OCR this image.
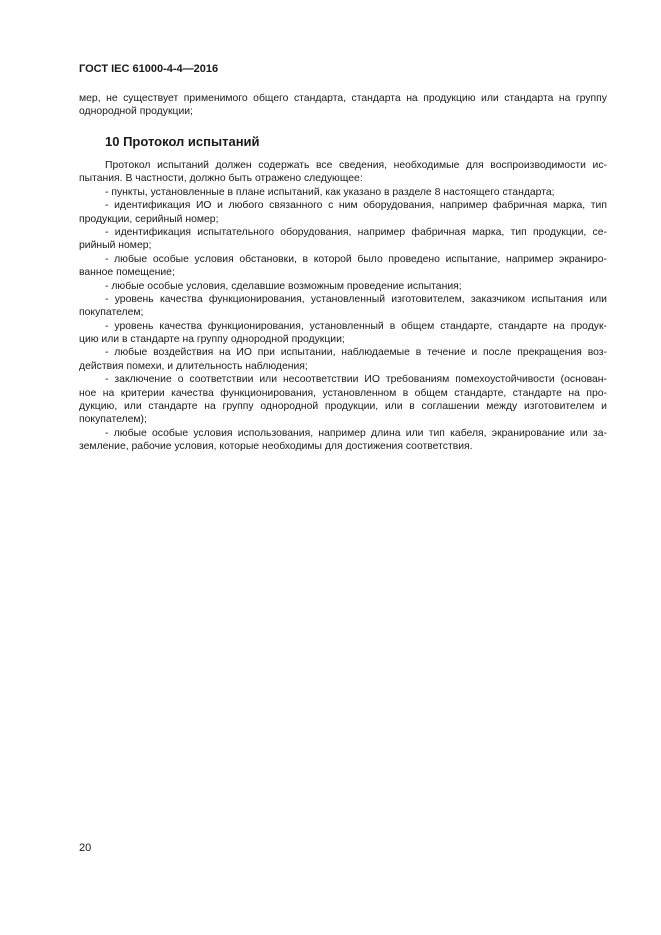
ГОСТ IEC 61000-4-4—2016
мер, не существует применимого общего стандарта, стандарта на продукцию или стандарта на группу
однородной продукции;
10 Протокол испытаний
Протокол испытаний должен содержать все сведения, необходимые для воспроизводимости ис-
пытания. В частности, должно быть отражено следующее:
- пункты, установленные в плане испытаний, как указано в разделе 8 настоящего стандарта;
- идентификация ИО и любого связанного с ним оборудования, например фабричная марка, тип
продукции, серийный номер;
- идентификация испытательного оборудования, например фабричная марка, тип продукции, се-
рийный номер;
- любые особые условия обстановки, в которой было проведено испытание, например экраниро-
ванное помещение;
- любые особые условия, сделавшие возможным проведение испытания;
- уровень качества функционирования, установленный изготовителем, заказчиком испытания или
покупателем;
- уровень качества функционирования, установленный в общем стандарте, стандарте на продук-
цию или в стандарте на группу однородной продукции;
- любые воздействия на ИО при испытании, наблюдаемые в течение и после прекращения воз-
действия помехи, и длительность наблюдения;
- заключение о соответствии или несоответствии ИО требованиям помехоустойчивости (основан-
ное на критерии качества функционирования, установленном в общем стандарте, стандарте на про-
дукцию, или стандарте на группу однородной продукции, или в соглашении между изготовителем и
покупателем);
- любые особые условия использования, например длина или тип кабеля, экранирование или за-
земление, рабочие условия, которые необходимы для достижения соответствия.
20
